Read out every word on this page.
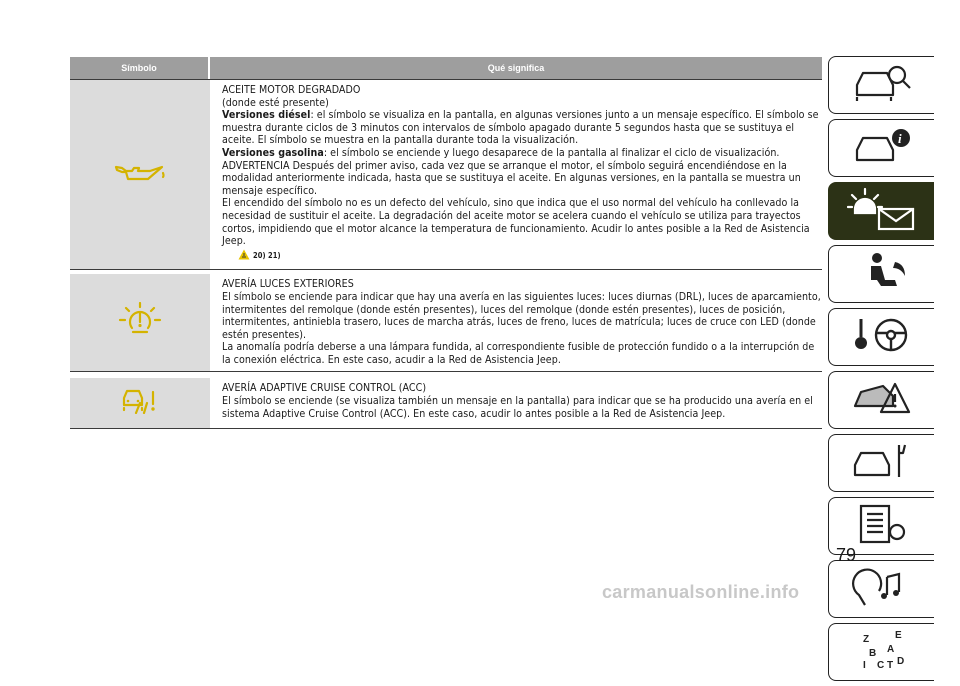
Símbolo	Qué significa

ACEITE MOTOR DEGRADADO

(donde esté presente)

Versiones diésel: el símbolo se visualiza en la pantalla, en algunas versiones junto a un mensaje específico. El símbolo se muestra durante ciclos de 3 minutos con intervalos de símbolo apagado durante 5 segundos hasta que se sustituya el aceite. El símbolo se muestra en la pantalla durante toda la visualización.

Versiones gasolina: el símbolo se enciende y luego desaparece de la pantalla al finalizar el ciclo de visualización.

ADVERTENCIA Después del primer aviso, cada vez que se arranque el motor, el símbolo seguirá encendiéndose en la modalidad anteriormente indicada, hasta que se sustituya el aceite. En algunas versiones, en la pantalla se muestra un mensaje específico.

El encendido del símbolo no es un defecto del vehículo, sino que indica que el uso normal del vehículo ha conllevado la necesidad de sustituir el aceite. La degradación del aceite motor se acelera cuando el vehículo se utiliza para trayectos cortos, impidiendo que el motor alcance la temperatura de funcionamiento. Acudir lo antes posible a la Red de Asistencia Jeep.

20) 21)

AVERÍA LUCES EXTERIORES

El símbolo se enciende para indicar que hay una avería en las siguientes luces: luces diurnas (DRL), luces de aparcamiento, intermitentes del remolque (donde estén presentes), luces del remolque (donde estén presentes), luces de posición, intermitentes, antiniebla trasero, luces de marcha atrás, luces de freno, luces de matrícula; luces de cruce con LED (donde estén presentes).

La anomalía podría deberse a una lámpara fundida, al correspondiente fusible de protección fundido o a la interrupción de la conexión eléctrica. En este caso, acudir a la Red de Asistencia Jeep.

AVERÍA ADAPTIVE CRUISE CONTROL (ACC)

El símbolo se enciende (se visualiza también un mensaje en la pantalla) para indicar que se ha producido una avería en el sistema Adaptive Cruise Control (ACC). En este caso, acudir lo antes posible a la Red de Asistencia Jeep.

i
Z	E
B A
C D
I T
79
carmanualsonline.info
